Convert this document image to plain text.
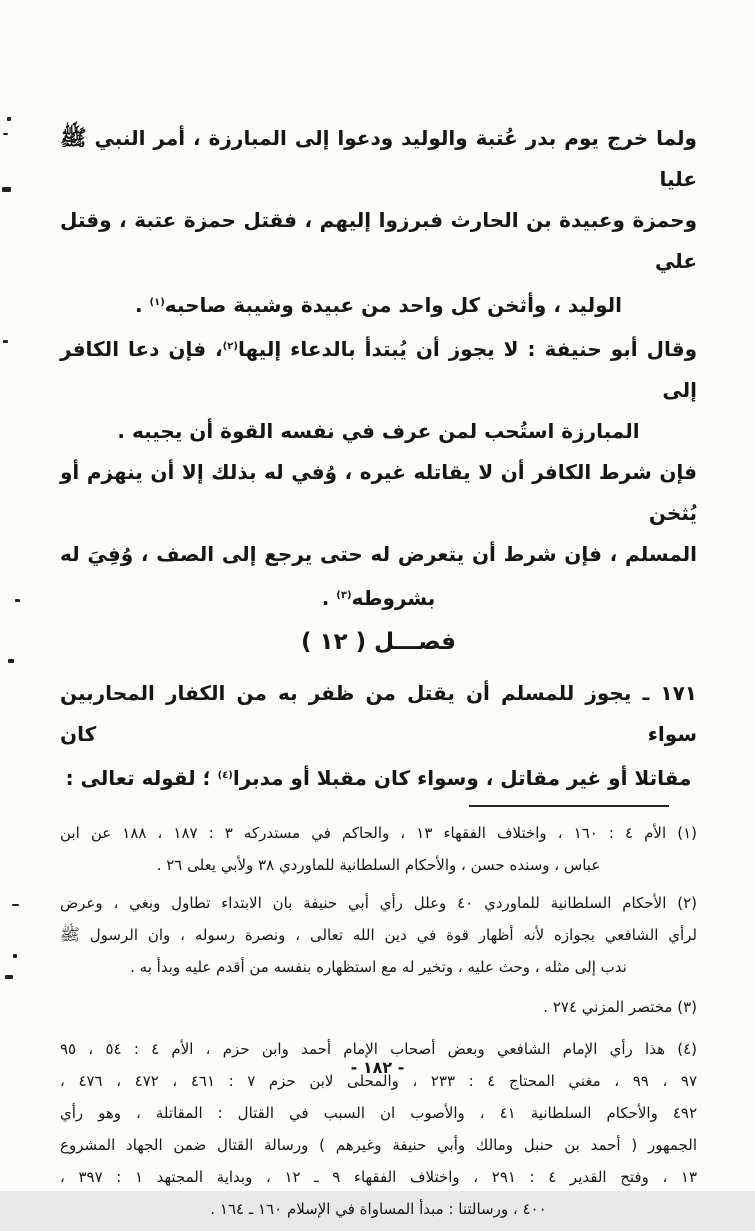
ولما خرج يوم بدر عُتبة والوليد ودعوا إلى المبارزة ، أمر النبي ﷺ عليا
وحمزة وعبيدة بن الحارث فبرزوا إليهم ، فقتل حمزة عتبة ، وقتل علي
الوليد ، وأثخن كل واحد من عبيدة وشيبة صاحبه$^{(١)}$ .
وقال أبو حنيفة : لا يجوز أن يُبتدأ بالدعاء إليها$^{(٢)}$، فإن دعا الكافر إلى
المبارزة استُحب لمن عرف في نفسه القوة أن يجيبه .
فإن شرط الكافر أن لا يقاتله غيره ، وُفي له بذلك إلا أن ينهزم أو يُثخن
المسلم ، فإن شرط أن يتعرض له حتى يرجع إلى الصف ، وُفِيَ له
بشروطه$^{(٣)}$ .
فصـــل ( ١٢ )
١٧١ ـ يجوز للمسلم أن يقتل من ظفر به من الكفار المحاربين سواء كان
مقاتلا أو غير مقاتل ، وسواء كان مقبلا أو مدبرا$^{(٤)}$ ؛ لقوله تعالى :
(١) الأم ٤ : ١٦٠ ، واختلاف الفقهاء ١٣ ، والحاكم في مستدركه ٣ : ١٨٧ ، ١٨٨ عن ابن
عباس ، وسنده حسن ، والأحكام السلطانية للماوردي ٣٨ ولأبي يعلى ٢٦ .
(٢) الأحكام السلطانية للماوردي ٤٠ وعلل رأي أبي حنيفة بان الابتداء تطاول وبغي ، وعرض
لرأي الشافعي بجوازه لأنه أظهار قوة في دين الله تعالى ، ونصرة رسوله ، وان الرسول ﷺ
ندب إلى مثله ، وحث عليه ، وتخير له مع استظهاره بنفسه من أقدم عليه وبدأ به .
(٣) مختصر المزني ٢٧٤ .
(٤) هذا رأي الإمام الشافعي وبعض أصحاب الإمام أحمد وابن حزم ، الأم ٤ : ٥٤ ، ٩٥
٩٧ ، ٩٩ ، مغني المحتاج ٤ : ٢٣٣ ، والمحلى لابن حزم ٧ : ٤٦١ ، ٤٧٢ ، ٤٧٦ ،
٤٩٢ والأحكام السلطانية ٤١ ، والأصوب ان السبب في القتال : المقاتلة ، وهو رأي
الجمهور ( أحمد بن حنبل ومالك وأبي حنيفة وغيرهم ) ورسالة القتال ضمن الجهاد المشروع
١٣ ، وفتح القدير ٤ : ٢٩١ ، واختلاف الفقهاء ٩ ـ ١٢ ، وبداية المجتهد ١ : ٣٩٧ ،
٤٠٠ ، ورسالتنا : مبدأ المساواة في الإسلام ١٦٠ ـ ١٦٤ .
- ١٨٢ -
